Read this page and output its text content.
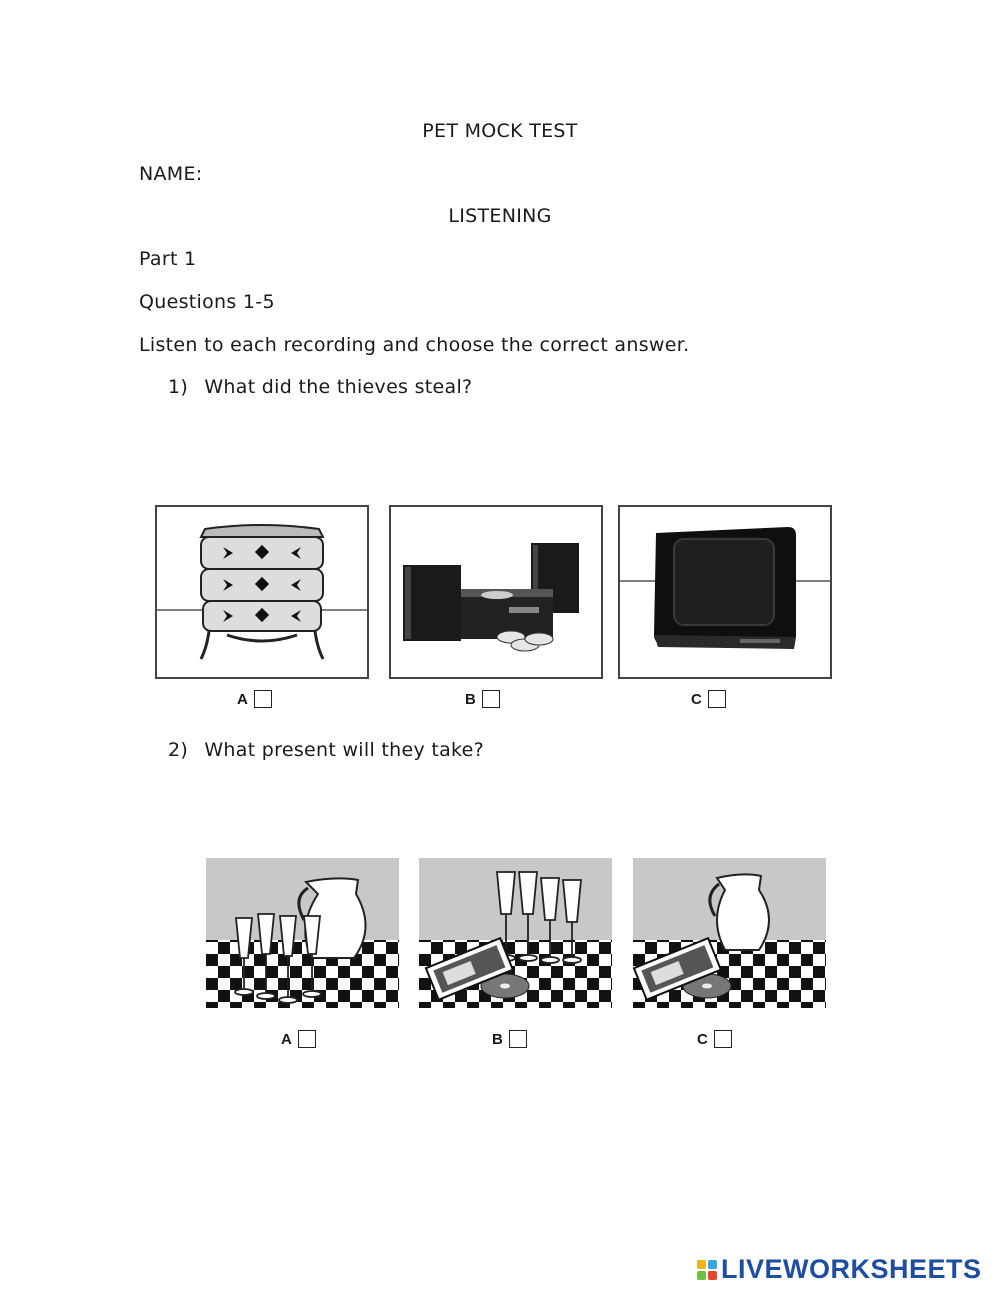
PET MOCK TEST
NAME:
LISTENING
Part 1
Questions 1-5
Listen to each recording and choose the correct answer.
1) What did the thieves steal?
A	B	C
2) What present will they take?
A	B	C
LIVEWORKSHEETS
